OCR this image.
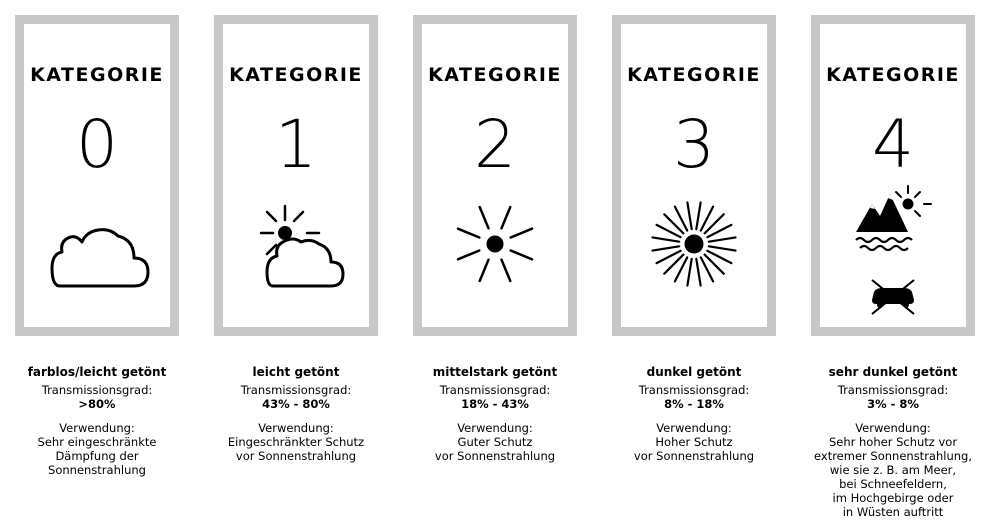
KATEGORIE
0
farblos/leicht getönt
Transmissionsgrad:
>80%
Verwendung:
Sehr eingeschränkte
Dämpfung der
Sonnenstrahlung
KATEGORIE
1
leicht getönt
Transmissionsgrad:
43% - 80%
Verwendung:
Eingeschränkter Schutz
vor Sonnenstrahlung
KATEGORIE
2
mittelstark getönt
Transmissionsgrad:
18% - 43%
Verwendung:
Guter Schutz
vor Sonnenstrahlung
KATEGORIE
3
dunkel getönt
Transmissionsgrad:
8% - 18%
Verwendung:
Hoher Schutz
vor Sonnenstrahlung
KATEGORIE
4
sehr dunkel getönt
Transmissionsgrad:
3% - 8%
Verwendung:
Sehr hoher Schutz vor
extremer Sonnenstrahlung,
wie sie z. B. am Meer,
bei Schneefeldern,
im Hochgebirge oder
in Wüsten auftritt
